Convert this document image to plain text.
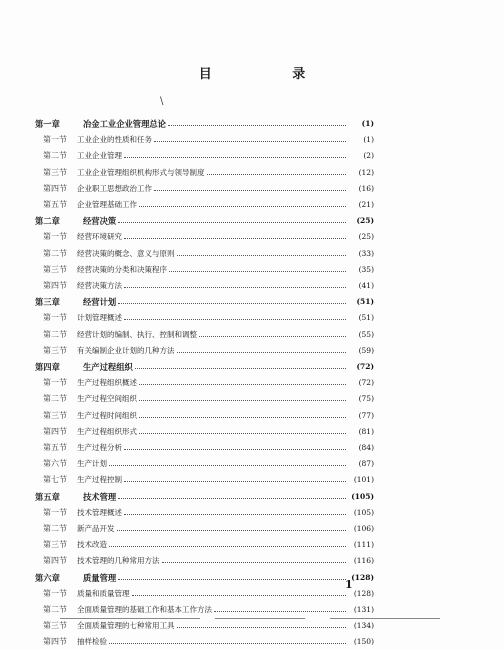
目 录
\
第一章	冶金工业企业管理总论	(1)
第一节	工业企业的性质和任务	(1)
第二节	工业企业管理	(2)
第三节	工业企业管理组织机构形式与领导制度	(12)
第四节	企业职工思想政治工作	(16)
第五节	企业管理基础工作	(21)
第二章	经营决策	(25)
第一节	经营环境研究	(25)
第二节	经营决策的概念、意义与原则	(33)
第三节	经营决策的分类和决策程序	(35)
第四节	经营决策方法	(41)
第三章	经营计划	(51)
第一节	计划管理概述	(51)
第二节	经营计划的编制、执行、控制和调整	(55)
第三节	有关编制企业计划的几种方法	(59)
第四章	生产过程组织	(72)
第一节	生产过程组织概述	(72)
第二节	生产过程空间组织	(75)
第三节	生产过程时间组织	(77)
第四节	生产过程组织形式	(81)
第五节	生产过程分析	(84)
第六节	生产计划	(87)
第七节	生产过程控制	(101)
第五章	技术管理	(105)
第一节	技术管理概述	(105)
第二节	新产品开发	(106)
第三节	技术改造	(111)
第四节	技术管理的几种常用方法	(116)
第六章	质量管理	(128)
第一节	质量和质量管理	(128)
第二节	全面质量管理的基础工作和基本工作方法	(131)
第三节	全面质量管理的七种常用工具	(134)
第四节	抽样检验	(150)
1
